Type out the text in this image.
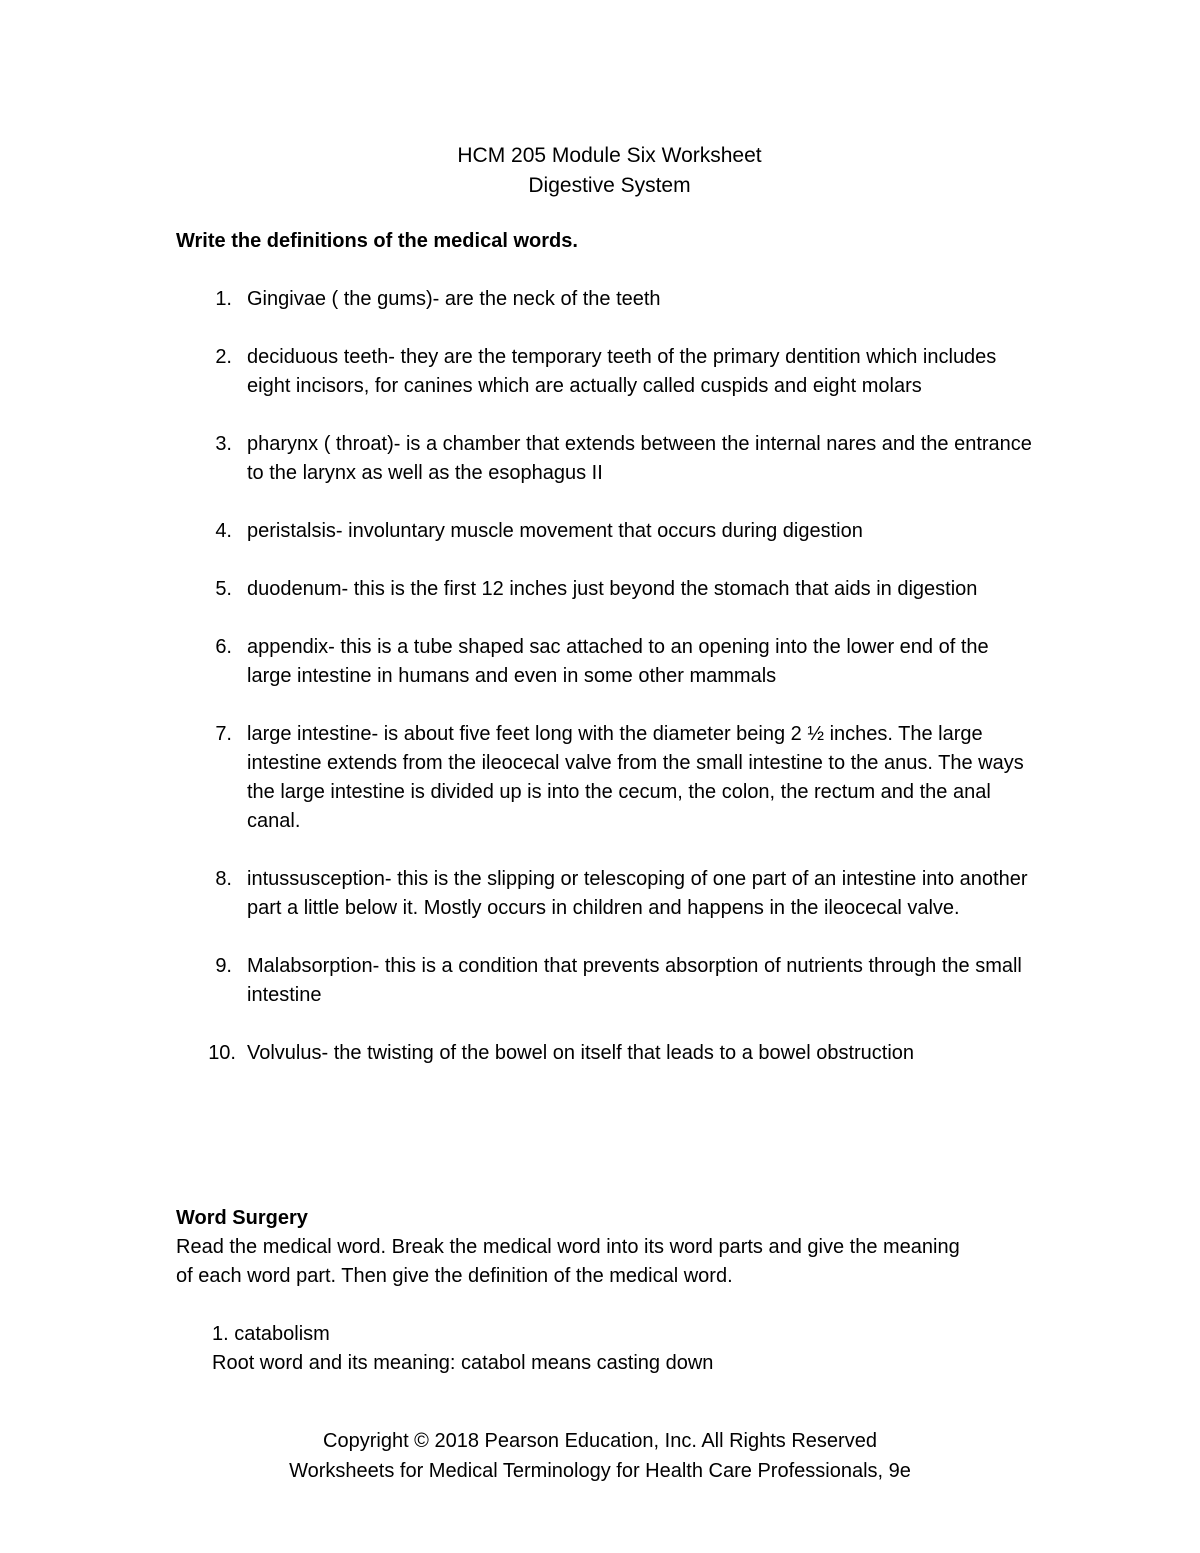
HCM 205 Module Six Worksheet
Digestive System
Write the definitions of the medical words.
1. Gingivae ( the gums)- are the neck of the teeth
2. deciduous teeth- they are the temporary teeth of the primary dentition which includes eight incisors, for canines which are actually called cuspids and eight molars
3. pharynx ( throat)- is a chamber that extends between the internal nares and the entrance to the larynx as well as the esophagus II
4. peristalsis- involuntary muscle movement that occurs during digestion
5. duodenum- this is the first 12 inches just beyond the stomach that aids in digestion
6. appendix- this is a tube shaped sac attached to an opening into the lower end of the large intestine in humans and even in some other mammals
7. large intestine- is about five feet long with the diameter being 2 ½ inches. The large intestine extends from the ileocecal valve from the small intestine to the anus. The ways the large intestine is divided up is into the cecum, the colon, the rectum and the anal canal.
8. intussusception- this is the slipping or telescoping of one part of an intestine into another part a little below it. Mostly occurs in children and happens in the ileocecal valve.
9. Malabsorption- this is a condition that prevents absorption of nutrients through the small intestine
10. Volvulus- the twisting of the bowel on itself that leads to a bowel obstruction
Word Surgery
Read the medical word. Break the medical word into its word parts and give the meaning of each word part. Then give the definition of the medical word.
1. catabolism
Root word and its meaning: catabol means casting down
Copyright © 2018 Pearson Education, Inc. All Rights Reserved
Worksheets for Medical Terminology for Health Care Professionals, 9e
